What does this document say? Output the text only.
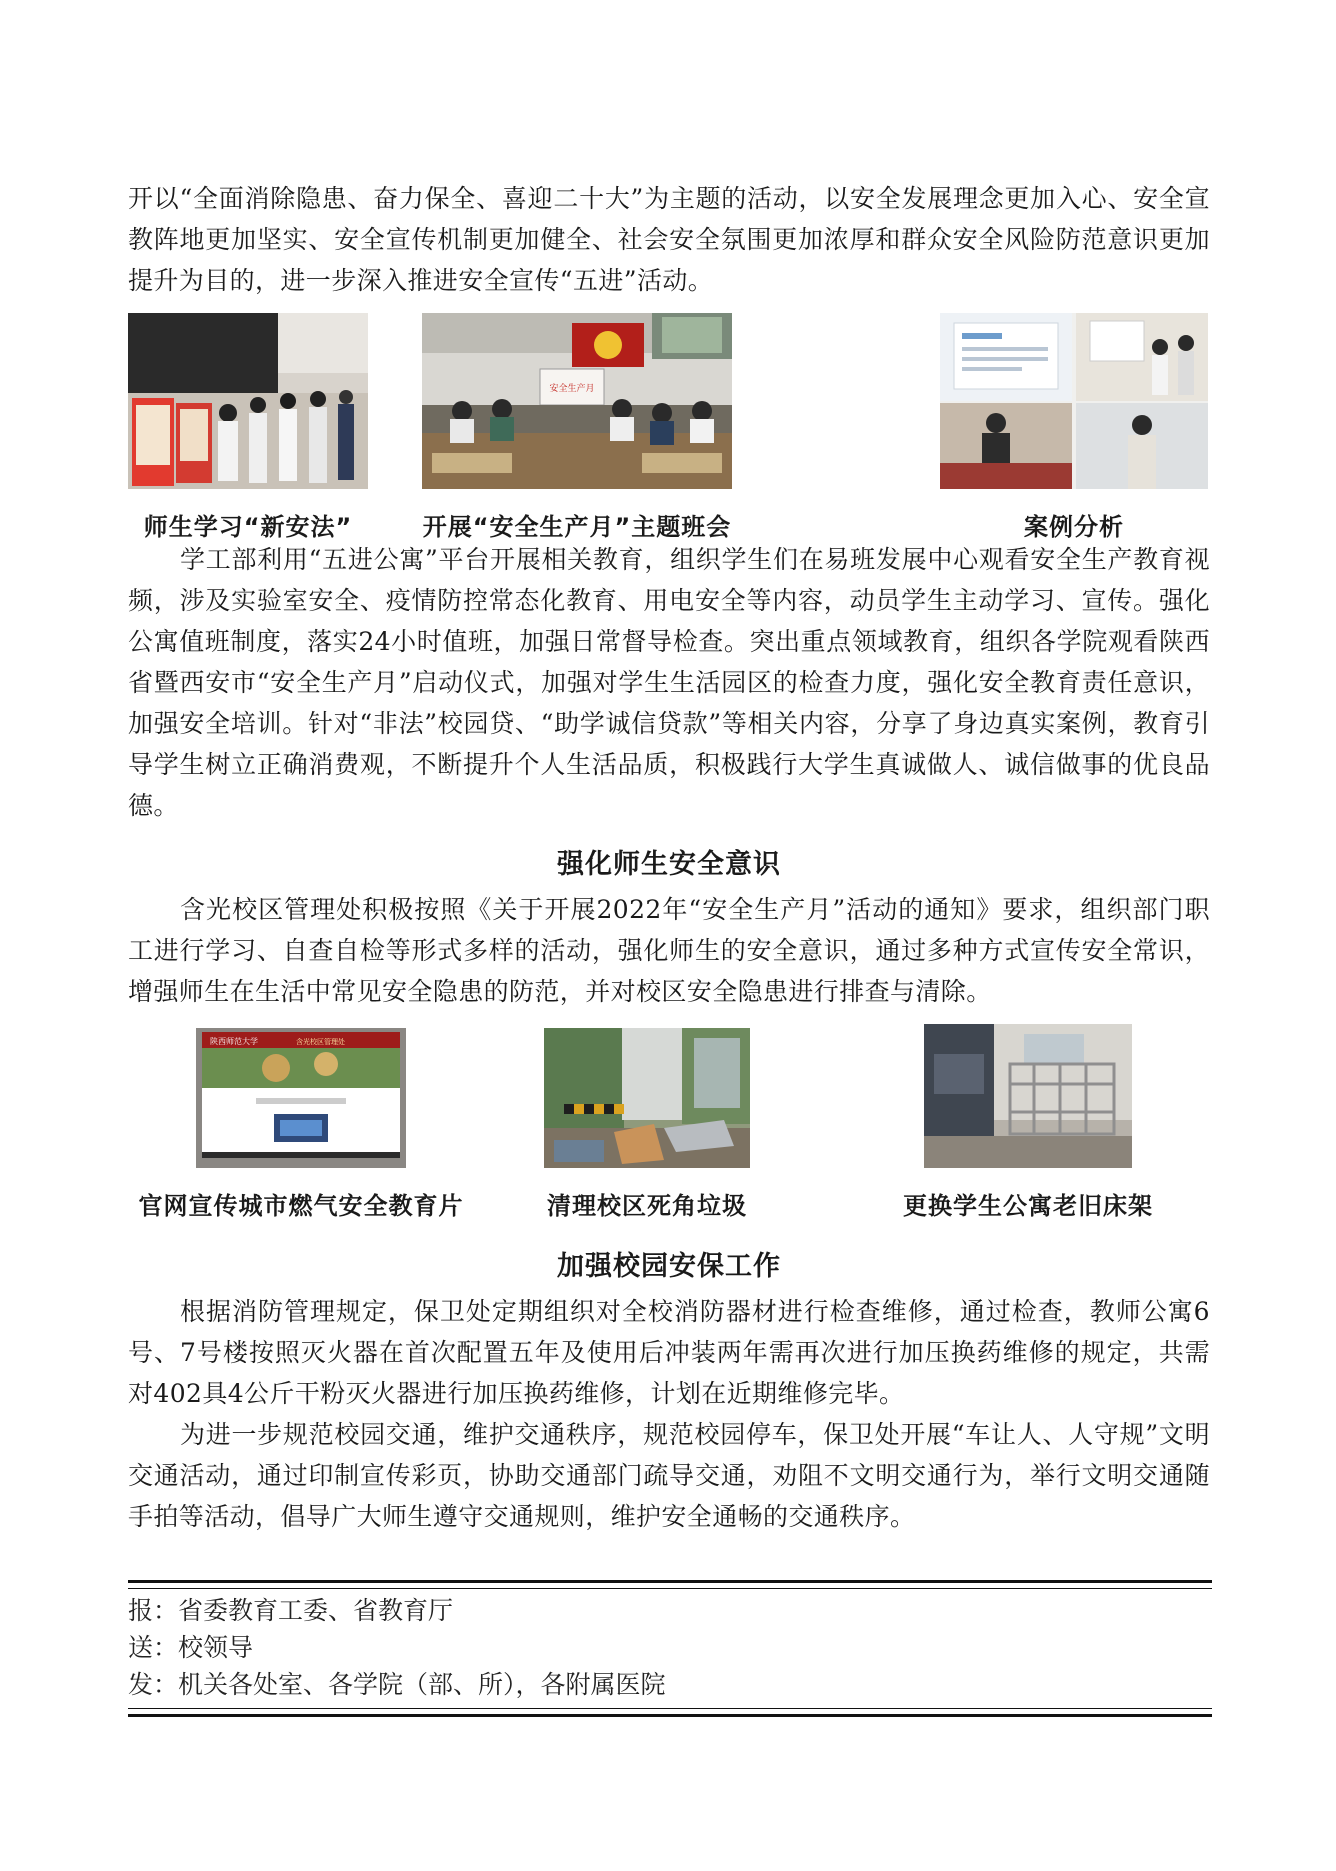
开以“全面消除隐患、奋力保全、喜迎二十大”为主题的活动，以安全发展理念更加入心、安全宣教阵地更加坚实、安全宣传机制更加健全、社会安全氛围更加浓厚和群众安全风险防范意识更加提升为目的，进一步深入推进安全宣传“五进”活动。

师生学习“新安法”
安全生产月
开展“安全生产月”主题班会	案例分析

学工部利用“五进公寓”平台开展相关教育，组织学生们在易班发展中心观看安全生产教育视频，涉及实验室安全、疫情防控常态化教育、用电安全等内容，动员学生主动学习、宣传。强化公寓值班制度，落实24小时值班，加强日常督导检查。突出重点领域教育，组织各学院观看陕西省暨西安市“安全生产月”启动仪式，加强对学生生活园区的检查力度，强化安全教育责任意识，加强安全培训。针对“非法”校园贷、“助学诚信贷款”等相关内容，分享了身边真实案例，教育引导学生树立正确消费观，不断提升个人生活品质，积极践行大学生真诚做人、诚信做事的优良品德。

强化师生安全意识

含光校区管理处积极按照《关于开展2022年“安全生产月”活动的通知》要求，组织部门职工进行学习、自查自检等形式多样的活动，强化师生的安全意识，通过多种方式宣传安全常识，增强师生在生活中常见安全隐患的防范，并对校区安全隐患进行排查与清除。

陕西师范大学	含光校区管理处
官网宣传城市燃气安全教育片	清理校区死角垃圾	更换学生公寓老旧床架
加强校园安保工作

根据消防管理规定，保卫处定期组织对全校消防器材进行检查维修，通过检查，教师公寓6号、7号楼按照灭火器在首次配置五年及使用后冲装两年需再次进行加压换药维修的规定，共需对402具4公斤干粉灭火器进行加压换药维修，计划在近期维修完毕。

为进一步规范校园交通，维护交通秩序，规范校园停车，保卫处开展“车让人、人守规”文明交通活动，通过印制宣传彩页，协助交通部门疏导交通，劝阻不文明交通行为，举行文明交通随手拍等活动，倡导广大师生遵守交通规则，维护安全通畅的交通秩序。

报：省委教育工委、省教育厅
送：校领导
发：机关各处室、各学院（部、所），各附属医院
